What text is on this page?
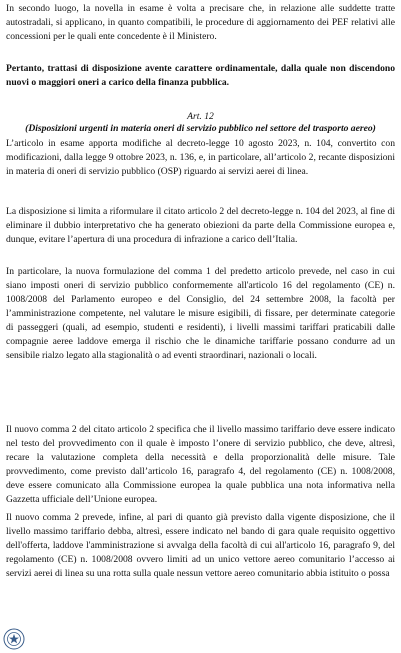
In secondo luogo, la novella in esame è volta a precisare che, in relazione alle suddette tratte autostradali, si applicano, in quanto compatibili, le procedure di aggiornamento dei PEF relativi alle concessioni per le quali ente concedente è il Ministero.

Pertanto, trattasi di disposizione avente carattere ordinamentale, dalla quale non discendono nuovi o maggiori oneri a carico della finanza pubblica.

Art. 12
(Disposizioni urgenti in materia oneri di servizio pubblico nel settore del trasporto aereo)

L’articolo in esame apporta modifiche al decreto-legge 10 agosto 2023, n. 104, convertito con modificazioni, dalla legge 9 ottobre 2023, n. 136, e, in particolare, all’articolo 2, recante disposizioni in materia di oneri di servizio pubblico (OSP) riguardo ai servizi aerei di linea.

La disposizione si limita a riformulare il citato articolo 2 del decreto-legge n. 104 del 2023, al fine di eliminare il dubbio interpretativo che ha generato obiezioni da parte della Commissione europea e, dunque, evitare l’apertura di una procedura di infrazione a carico dell’Italia.

In particolare, la nuova formulazione del comma 1 del predetto articolo prevede, nel caso in cui siano imposti oneri di servizio pubblico conformemente all'articolo 16 del regolamento (CE) n. 1008/2008 del Parlamento europeo e del Consiglio, del 24 settembre 2008, la facoltà per l’amministrazione competente, nel valutare le misure esigibili, di fissare, per determinate categorie di passeggeri (quali, ad esempio, studenti e residenti), i livelli massimi tariffari praticabili dalle compagnie aeree laddove emerga il rischio che le dinamiche tariffarie possano condurre ad un sensibile rialzo legato alla stagionalità o ad eventi straordinari, nazionali o locali.

Il nuovo comma 2 del citato articolo 2 specifica che il livello massimo tariffario deve essere indicato nel testo del provvedimento con il quale è imposto l’onere di servizio pubblico, che deve, altresì, recare la valutazione completa della necessità e della proporzionalità delle misure. Tale provvedimento, come previsto dall’articolo 16, paragrafo 4, del regolamento (CE) n. 1008/2008, deve essere comunicato alla Commissione europea la quale pubblica una nota informativa nella Gazzetta ufficiale dell’Unione europea.

Il nuovo comma 2 prevede, infine, al pari di quanto già previsto dalla vigente disposizione, che il livello massimo tariffario debba, altresì, essere indicato nel bando di gara quale requisito oggettivo dell'offerta, laddove l'amministrazione si avvalga della facoltà di cui all'articolo 16, paragrafo 9, del regolamento (CE) n. 1008/2008 ovvero limiti ad un unico vettore aereo comunitario l’accesso ai servizi aerei di linea su una rotta sulla quale nessun vettore aereo comunitario abbia istituito o possa
